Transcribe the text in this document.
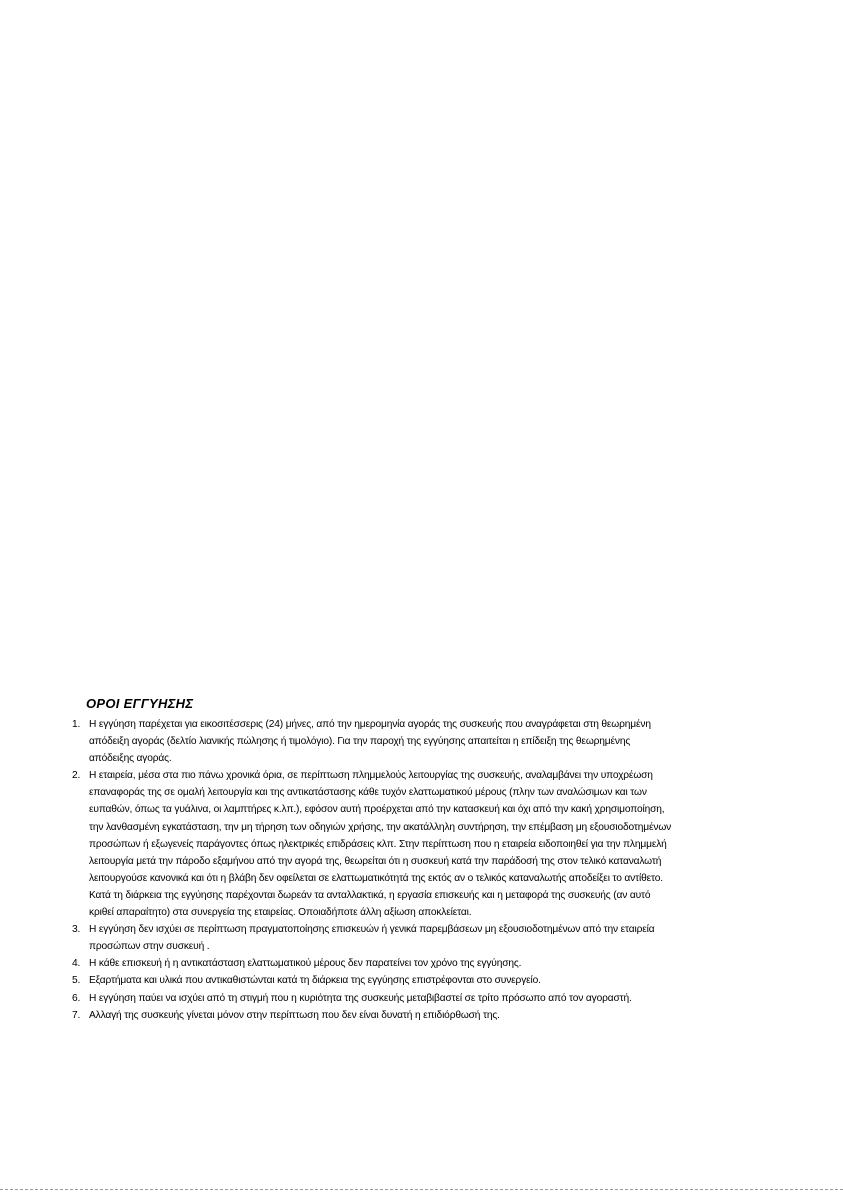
ΟΡΟΙ ΕΓΓΥΗΣΗΣ
1. Η εγγύηση παρέχεται για εικοσιτέσσερις (24) μήνες, από την ημερομηνία αγοράς της συσκευής που αναγράφεται στη θεωρημένη απόδειξη αγοράς (δελτίο λιανικής πώλησης ή τιμολόγιο). Για την παροχή της εγγύησης απαιτείται η επίδειξη της θεωρημένης απόδειξης αγοράς.
2. Η εταιρεία, μέσα στα πιο πάνω χρονικά όρια, σε περίπτωση πλημμελούς λειτουργίας της συσκευής, αναλαμβάνει την υποχρέωση επαναφοράς της σε ομαλή λειτουργία και της αντικατάστασης κάθε τυχόν ελαττωματικού μέρους (πλην των αναλώσιμων και των ευπαθών, όπως τα γυάλινα, οι λαμπτήρες κ.λπ.), εφόσον αυτή προέρχεται από την κατασκευή και όχι από την κακή χρησιμοποίηση, την λανθασμένη εγκατάσταση, την μη τήρηση των οδηγιών χρήσης, την ακατάλληλη συντήρηση, την επέμβαση μη εξουσιοδοτημένων προσώπων ή εξωγενείς παράγοντες όπως ηλεκτρικές επιδράσεις κλπ. Στην περίπτωση που η εταιρεία ειδοποιηθεί για την πλημμελή λειτουργία μετά την πάροδο εξαμήνου από την αγορά της, θεωρείται ότι η συσκευή κατά την παράδοσή της στον τελικό καταναλωτή λειτουργούσε κανονικά και ότι η βλάβη δεν οφείλεται σε ελαττωματικότητά της εκτός αν ο τελικός καταναλωτής αποδείξει το αντίθετο. Κατά τη διάρκεια της εγγύησης παρέχονται δωρεάν τα ανταλλακτικά, η εργασία επισκευής και η μεταφορά της συσκευής (αν αυτό κριθεί απαραίτητο) στα συνεργεία της εταιρείας. Οποιαδήποτε άλλη αξίωση αποκλείεται.
3. Η εγγύηση δεν ισχύει σε περίπτωση πραγματοποίησης επισκευών ή γενικά παρεμβάσεων μη εξουσιοδοτημένων από την εταιρεία προσώπων στην συσκευή .
4. Η κάθε επισκευή ή η αντικατάσταση ελαττωματικού μέρους δεν παρατείνει τον χρόνο της εγγύησης.
5. Εξαρτήματα και υλικά που αντικαθιστώνται κατά τη διάρκεια της εγγύησης επιστρέφονται στο συνεργείο.
6. Η εγγύηση παύει να ισχύει από τη στιγμή που η κυριότητα της συσκευής μεταβιβαστεί σε τρίτο πρόσωπο από τον αγοραστή.
7. Αλλαγή της συσκευής γίνεται μόνον στην περίπτωση που δεν είναι δυνατή η επιδιόρθωσή της.
